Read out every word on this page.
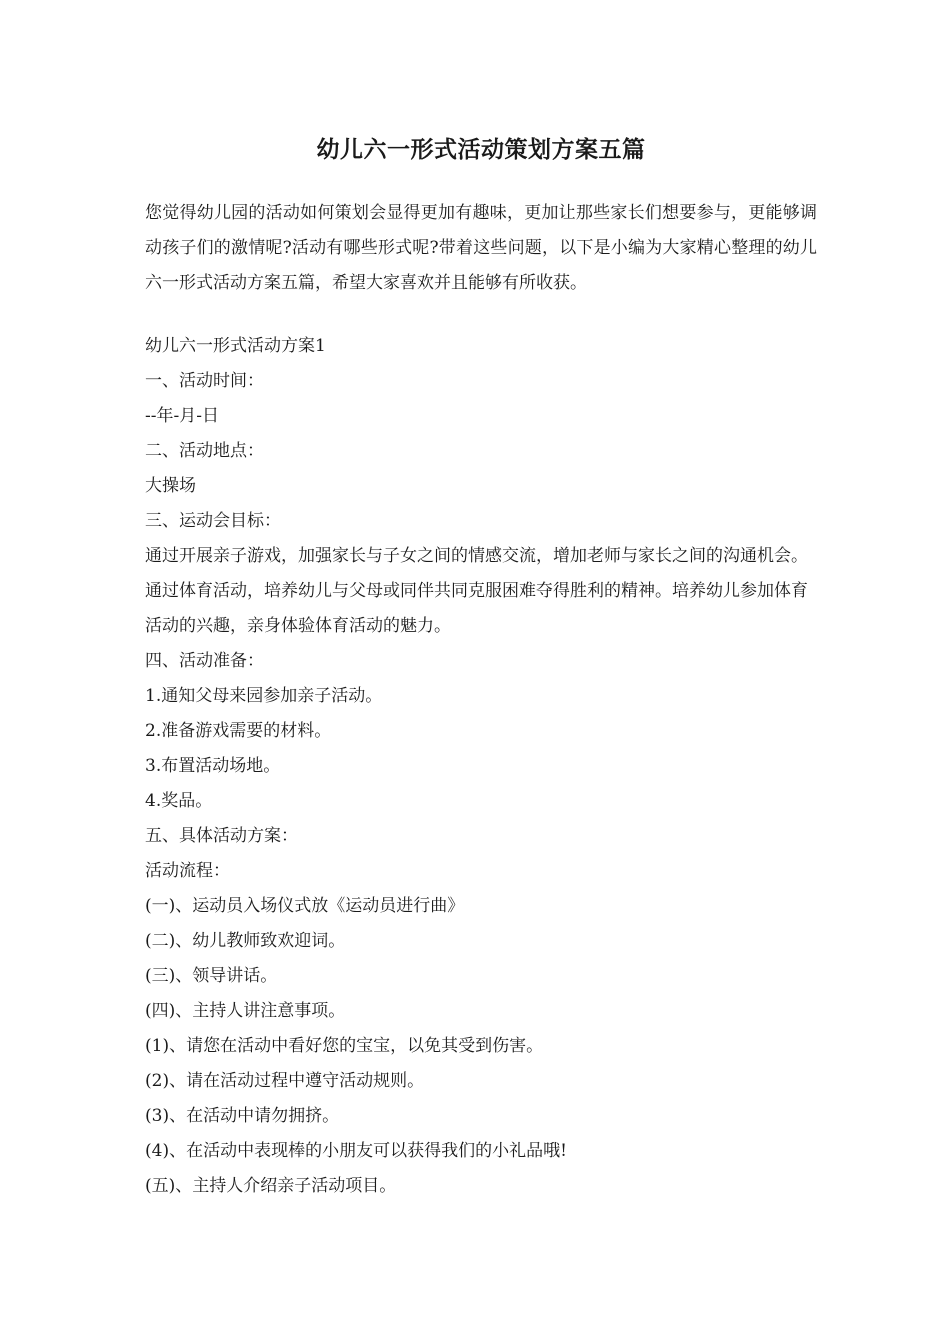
幼儿六一形式活动策划方案五篇

您觉得幼儿园的活动如何策划会显得更加有趣味，更加让那些家长们想要参与，更能够调动孩子们的激情呢?活动有哪些形式呢?带着这些问题，以下是小编为大家精心整理的幼儿六一形式活动方案五篇，希望大家喜欢并且能够有所收获。

幼儿六一形式活动方案1

一、活动时间：

--年-月-日

二、活动地点：

大操场

三、运动会目标：

通过开展亲子游戏，加强家长与子女之间的情感交流，增加老师与家长之间的沟通机会。通过体育活动，培养幼儿与父母或同伴共同克服困难夺得胜利的精神。培养幼儿参加体育活动的兴趣，亲身体验体育活动的魅力。

四、活动准备：

1.通知父母来园参加亲子活动。

2.准备游戏需要的材料。

3.布置活动场地。

4.奖品。

五、具体活动方案：

活动流程：

(一)、运动员入场仪式放《运动员进行曲》

(二)、幼儿教师致欢迎词。

(三)、领导讲话。

(四)、主持人讲注意事项。

(1)、请您在活动中看好您的宝宝，以免其受到伤害。

(2)、请在活动过程中遵守活动规则。

(3)、在活动中请勿拥挤。

(4)、在活动中表现棒的小朋友可以获得我们的小礼品哦!

(五)、主持人介绍亲子活动项目。
